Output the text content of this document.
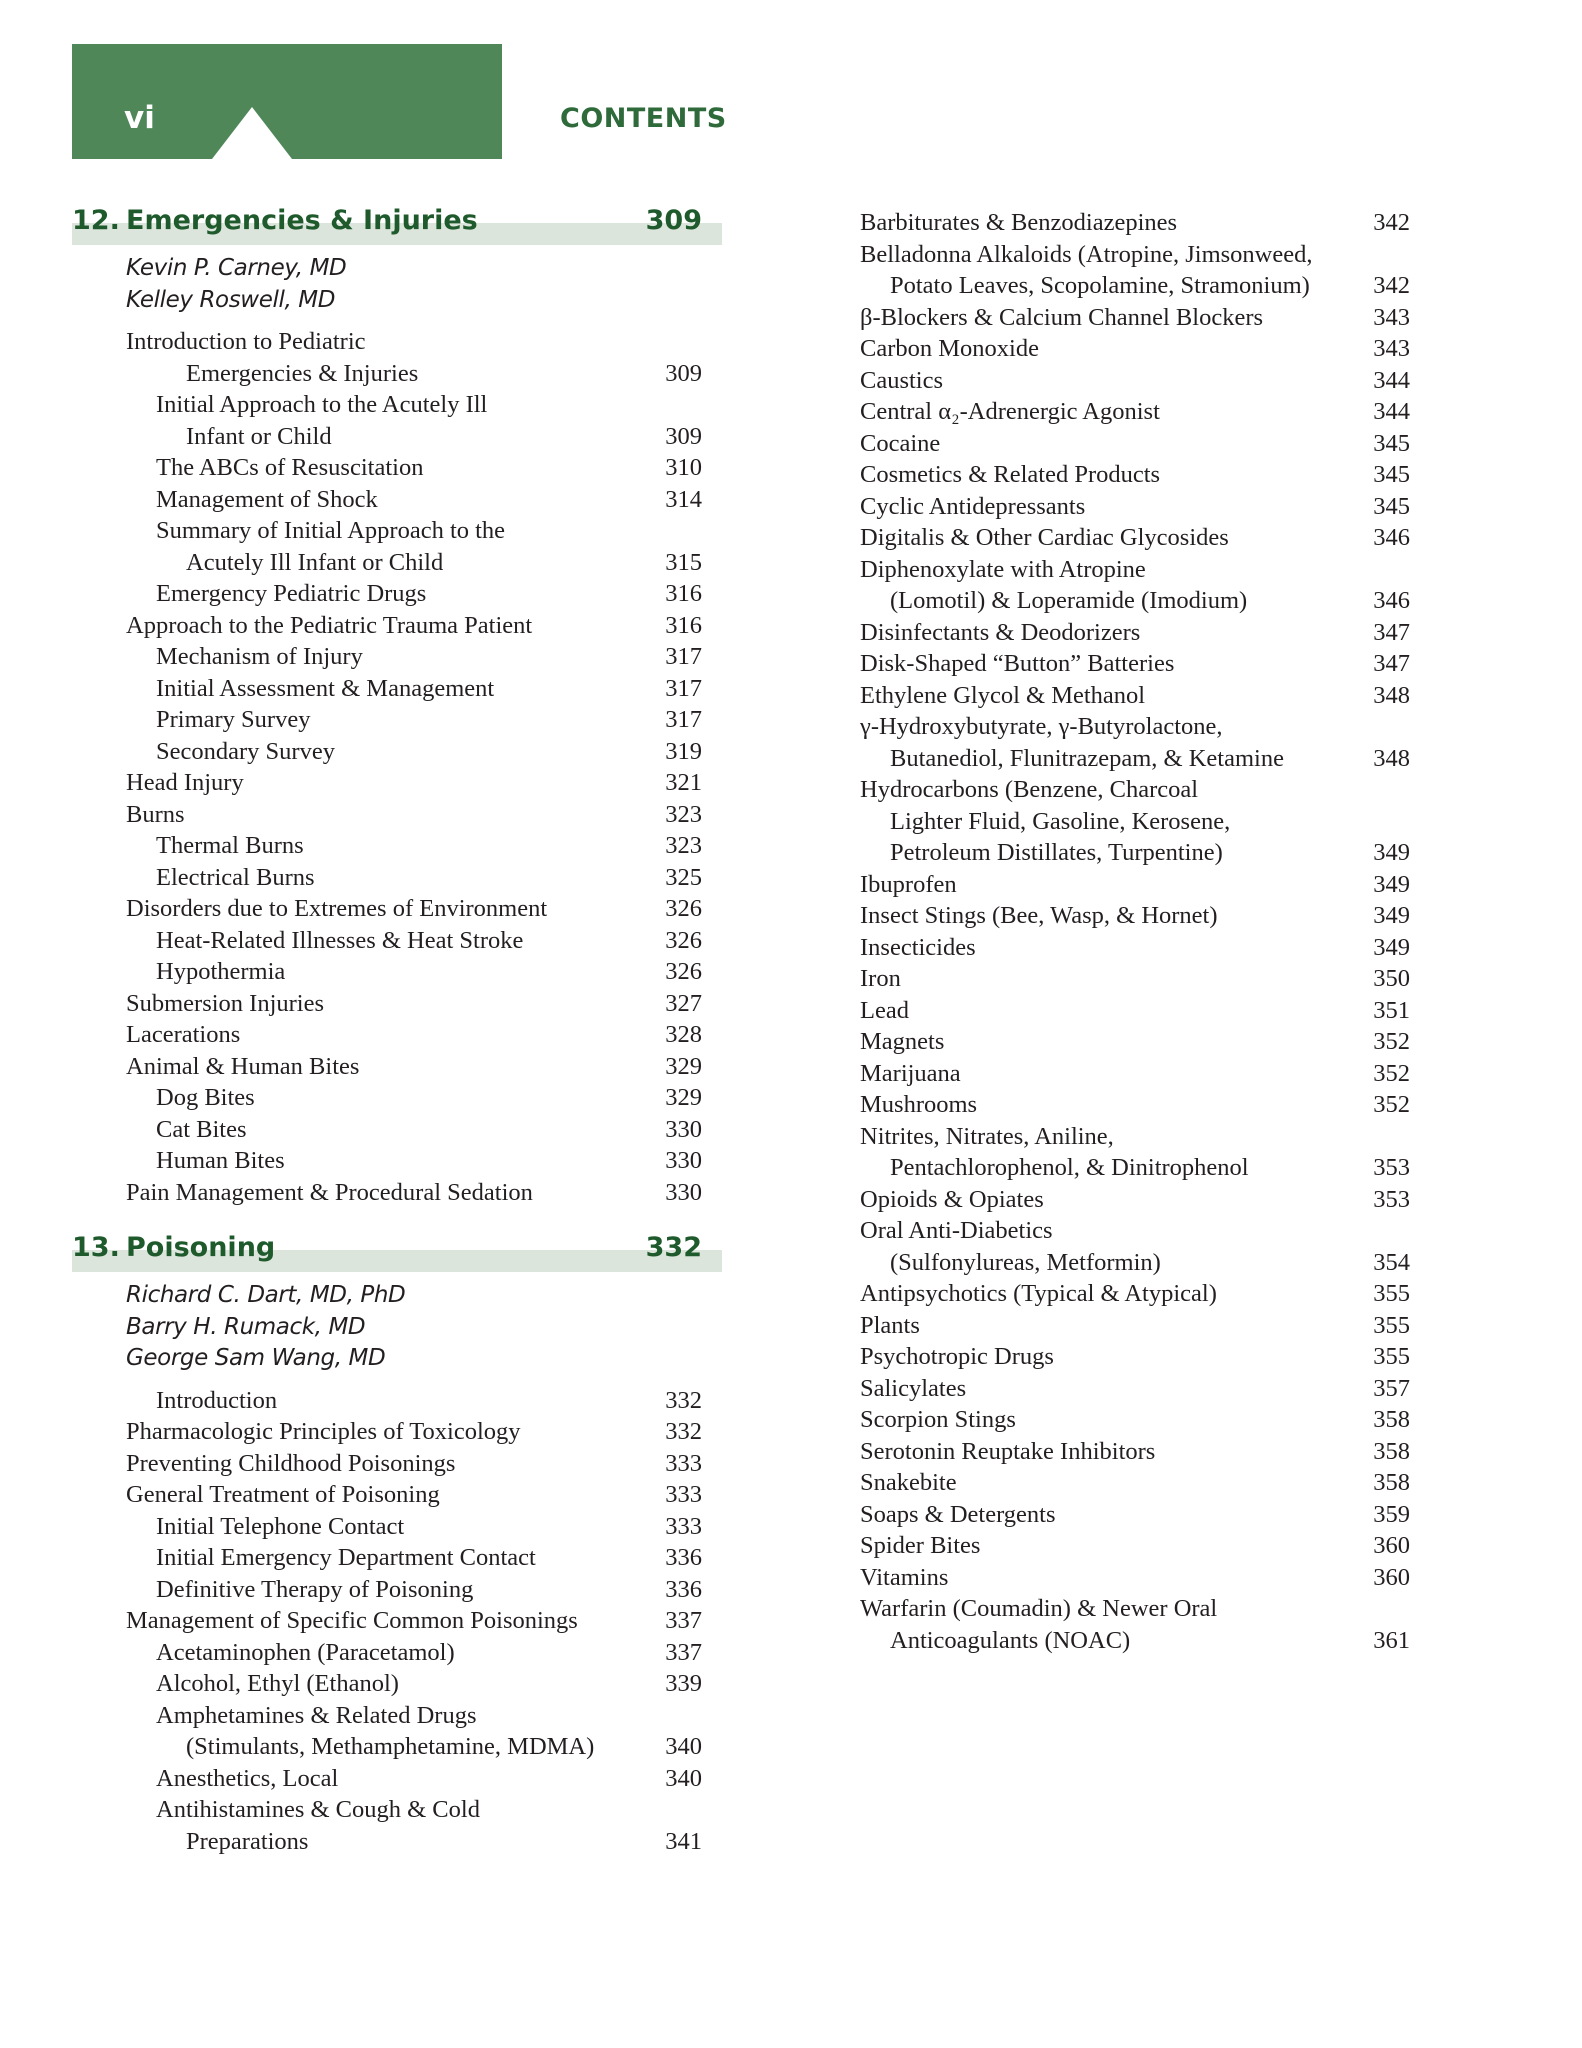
vi	CONTENTS
12. Emergencies & Injuries	309
Kevin P. Carney, MD
Kelley Roswell, MD
Introduction to Pediatric
Emergencies & Injuries	309
Initial Approach to the Acutely Ill
Infant or Child	309
The ABCs of Resuscitation	310
Management of Shock	314
Summary of Initial Approach to the
Acutely Ill Infant or Child	315
Emergency Pediatric Drugs	316
Approach to the Pediatric Trauma Patient	316
Mechanism of Injury	317
Initial Assessment & Management	317
Primary Survey	317
Secondary Survey	319
Head Injury	321
Burns	323
Thermal Burns	323
Electrical Burns	325
Disorders due to Extremes of Environment	326
Heat-Related Illnesses & Heat Stroke	326
Hypothermia	326
Submersion Injuries	327
Lacerations	328
Animal & Human Bites	329
Dog Bites	329
Cat Bites	330
Human Bites	330
Pain Management & Procedural Sedation	330
13. Poisoning	332
Richard C. Dart, MD, PhD
Barry H. Rumack, MD
George Sam Wang, MD
Introduction	332
Pharmacologic Principles of Toxicology	332
Preventing Childhood Poisonings	333
General Treatment of Poisoning	333
Initial Telephone Contact	333
Initial Emergency Department Contact	336
Definitive Therapy of Poisoning	336
Management of Specific Common Poisonings	337
Acetaminophen (Paracetamol)	337
Alcohol, Ethyl (Ethanol)	339
Amphetamines & Related Drugs
(Stimulants, Methamphetamine, MDMA)	340
Anesthetics, Local	340
Antihistamines & Cough & Cold
Preparations	341
Barbiturates & Benzodiazepines	342
Belladonna Alkaloids (Atropine, Jimsonweed,
Potato Leaves, Scopolamine, Stramonium)	342
β-Blockers & Calcium Channel Blockers	343
Carbon Monoxide	343
Caustics	344
Central α₂-Adrenergic Agonist	344
Cocaine	345
Cosmetics & Related Products	345
Cyclic Antidepressants	345
Digitalis & Other Cardiac Glycosides	346
Diphenoxylate with Atropine
(Lomotil) & Loperamide (Imodium)	346
Disinfectants & Deodorizers	347
Disk-Shaped “Button” Batteries	347
Ethylene Glycol & Methanol	348
γ-Hydroxybutyrate, γ-Butyrolactone,
Butanediol, Flunitrazepam, & Ketamine	348
Hydrocarbons (Benzene, Charcoal
Lighter Fluid, Gasoline, Kerosene,
Petroleum Distillates, Turpentine)	349
Ibuprofen	349
Insect Stings (Bee, Wasp, & Hornet)	349
Insecticides	349
Iron	350
Lead	351
Magnets	352
Marijuana	352
Mushrooms	352
Nitrites, Nitrates, Aniline,
Pentachlorophenol, & Dinitrophenol	353
Opioids & Opiates	353
Oral Anti-Diabetics
(Sulfonylureas, Metformin)	354
Antipsychotics (Typical & Atypical)	355
Plants	355
Psychotropic Drugs	355
Salicylates	357
Scorpion Stings	358
Serotonin Reuptake Inhibitors	358
Snakebite	358
Soaps & Detergents	359
Spider Bites	360
Vitamins	360
Warfarin (Coumadin) & Newer Oral
Anticoagulants (NOAC)	361
